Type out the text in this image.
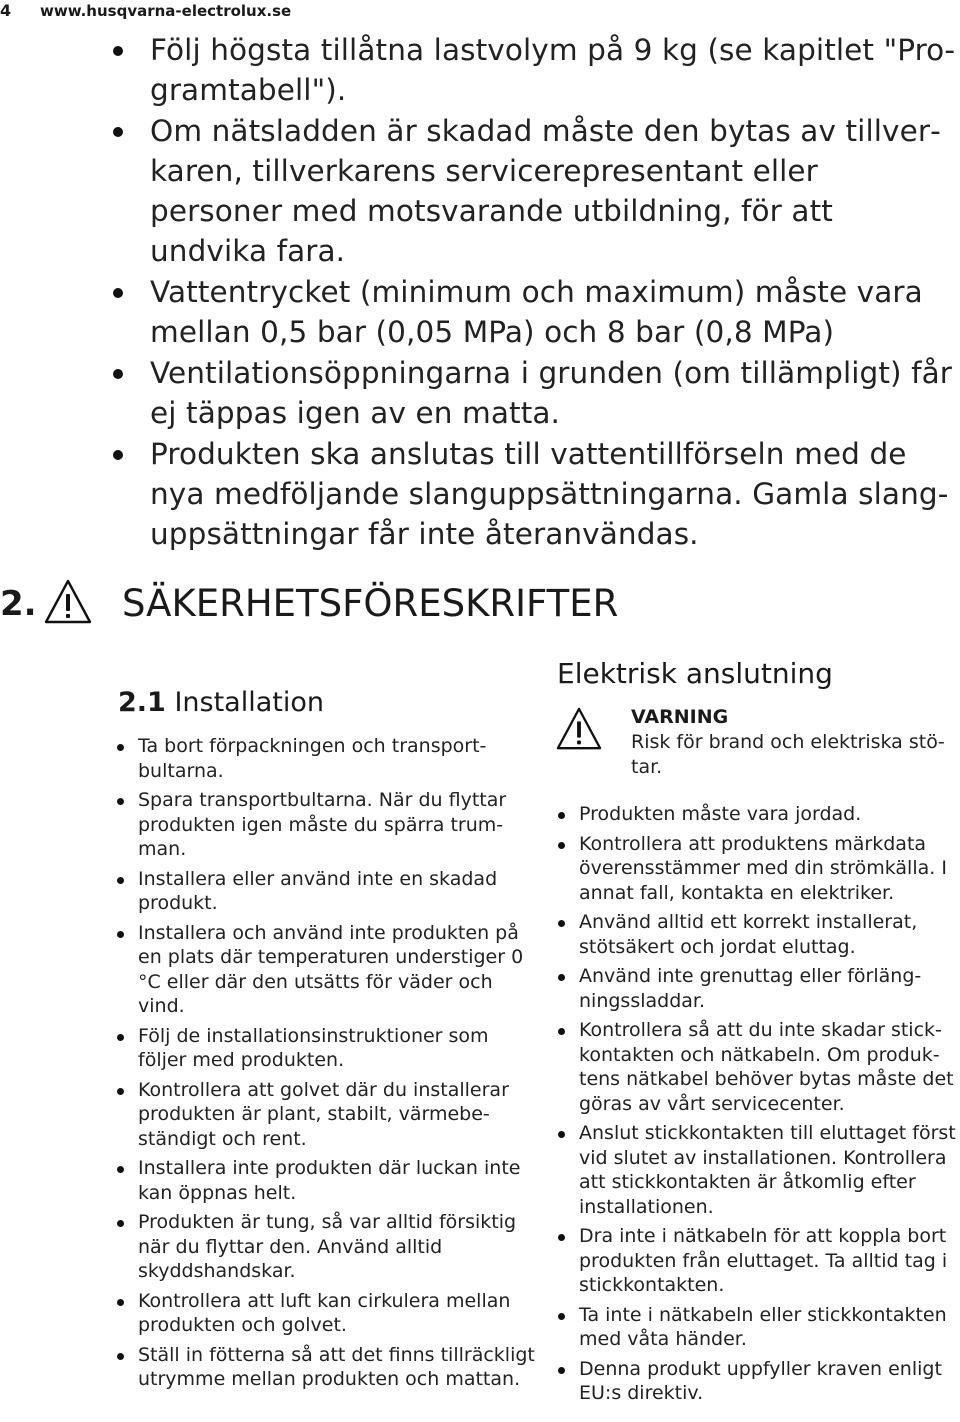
4 www.husqvarna-electrolux.se
Följ högsta tillåtna lastvolym på 9 kg (se kapitlet "Programtabell").
Om nätsladden är skadad måste den bytas av tillverkaren, tillverkarens servicerepresentant eller personer med motsvarande utbildning, för att undvika fara.
Vattentrycket (minimum och maximum) måste vara mellan 0,5 bar (0,05 MPa) och 8 bar (0,8 MPa)
Ventilationsöppningarna i grunden (om tillämpligt) får ej täppas igen av en matta.
Produkten ska anslutas till vattentillförseln med de nya medföljande slanguppsättningarna. Gamla slanguppsättningar får inte återanvändas.
2. SÄKERHETSFÖRESKRIFTER
2.1 Installation
Ta bort förpackningen och transportbultarna.
Spara transportbultarna. När du flyttar produkten igen måste du spärra trumman.
Installera eller använd inte en skadad produkt.
Installera och använd inte produkten på en plats där temperaturen understiger 0 °C eller där den utsätts för väder och vind.
Följ de installationsinstruktioner som följer med produkten.
Kontrollera att golvet där du installerar produkten är plant, stabilt, värmebeständigt och rent.
Installera inte produkten där luckan inte kan öppnas helt.
Produkten är tung, så var alltid försiktig när du flyttar den. Använd alltid skyddshandskar.
Kontrollera att luft kan cirkulera mellan produkten och golvet.
Ställ in fötterna så att det finns tillräckligt utrymme mellan produkten och mattan.
Elektrisk anslutning
VARNING
Risk för brand och elektriska stötar.
Produkten måste vara jordad.
Kontrollera att produktens märkdata överensstämmer med din strömkälla. I annat fall, kontakta en elektriker.
Använd alltid ett korrekt installerat, stötsäkert och jordat eluttag.
Använd inte grenuttag eller förlängningssladdar.
Kontrollera så att du inte skadar stickkontakten och nätkabeln. Om produktens nätkabel behöver bytas måste det göras av vårt servicecenter.
Anslut stickkontakten till eluttaget först vid slutet av installationen. Kontrollera att stickkontakten är åtkomlig efter installationen.
Dra inte i nätkabeln för att koppla bort produkten från eluttaget. Ta alltid tag i stickkontakten.
Ta inte i nätkabeln eller stickkontakten med våta händer.
Denna produkt uppfyller kraven enligt EU:s direktiv.
